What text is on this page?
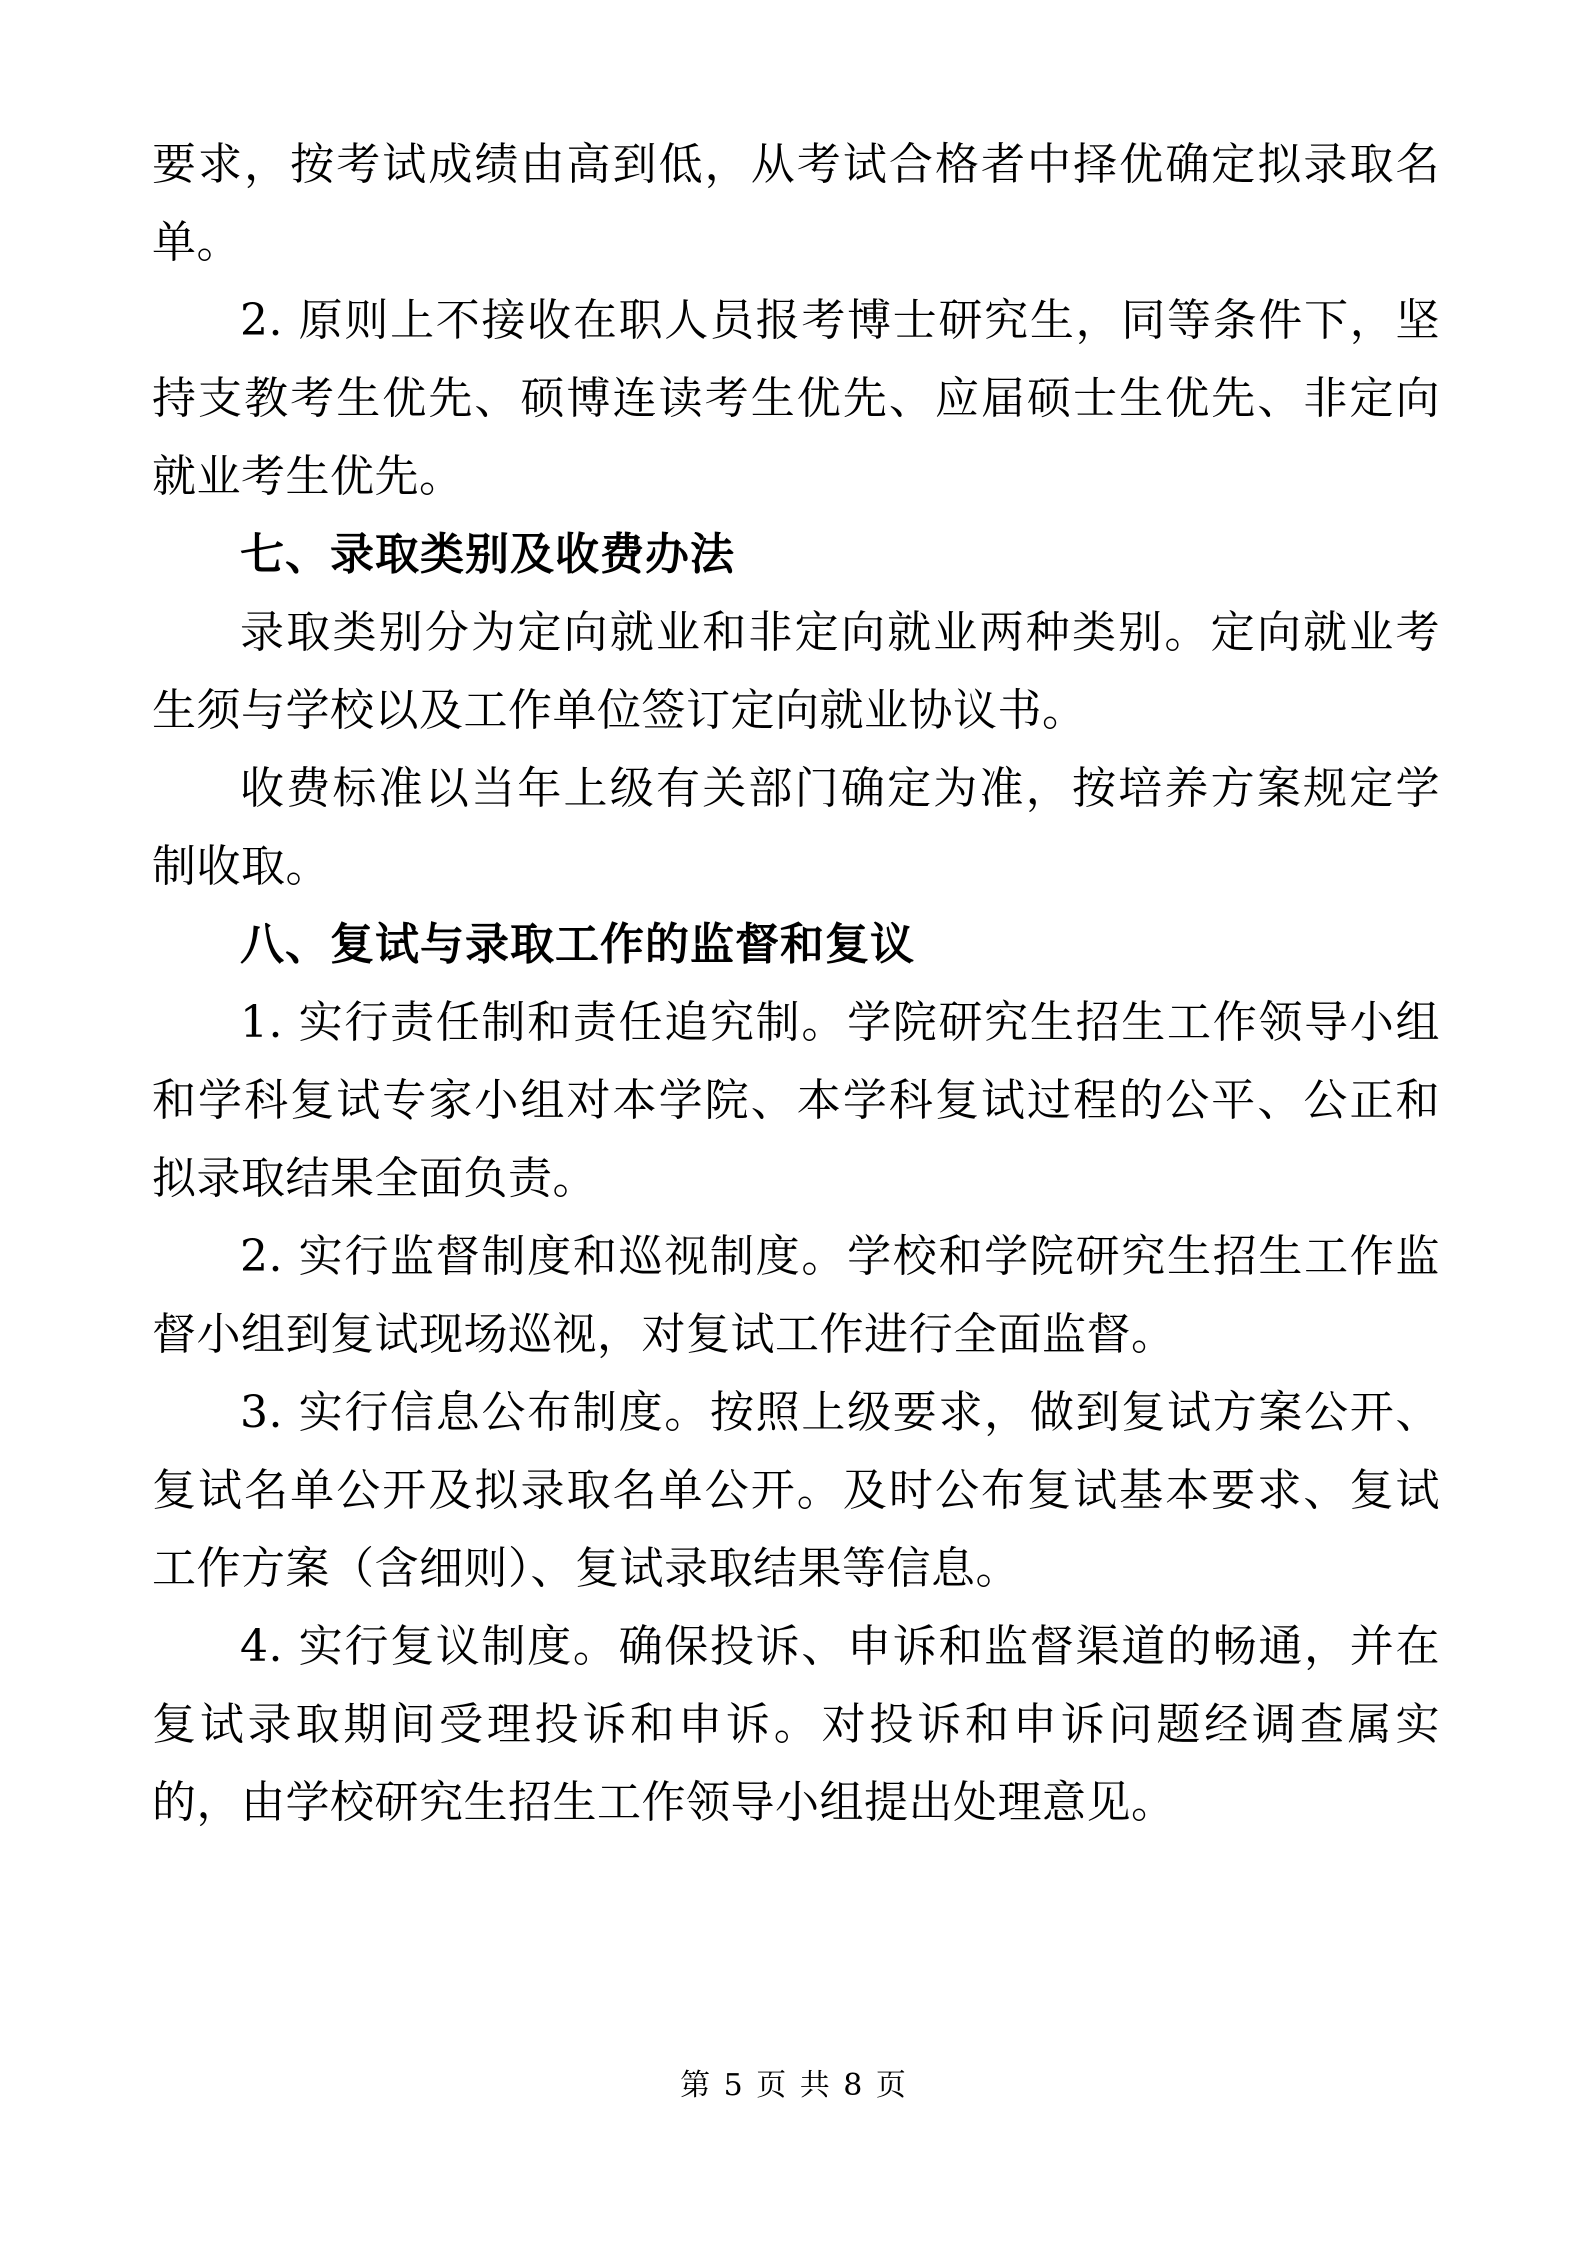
要求，按考试成绩由高到低，从考试合格者中择优确定拟录取名单。

2. 原则上不接收在职人员报考博士研究生，同等条件下，坚持支教考生优先、硕博连读考生优先、应届硕士生优先、非定向就业考生优先。

七、录取类别及收费办法

录取类别分为定向就业和非定向就业两种类别。定向就业考生须与学校以及工作单位签订定向就业协议书。

收费标准以当年上级有关部门确定为准，按培养方案规定学制收取。

八、复试与录取工作的监督和复议

1. 实行责任制和责任追究制。学院研究生招生工作领导小组和学科复试专家小组对本学院、本学科复试过程的公平、公正和拟录取结果全面负责。

2. 实行监督制度和巡视制度。学校和学院研究生招生工作监督小组到复试现场巡视，对复试工作进行全面监督。

3. 实行信息公布制度。按照上级要求，做到复试方案公开、复试名单公开及拟录取名单公开。及时公布复试基本要求、复试工作方案（含细则）、复试录取结果等信息。

4. 实行复议制度。确保投诉、申诉和监督渠道的畅通，并在复试录取期间受理投诉和申诉。对投诉和申诉问题经调查属实的，由学校研究生招生工作领导小组提出处理意见。

第 5 页 共 8 页
